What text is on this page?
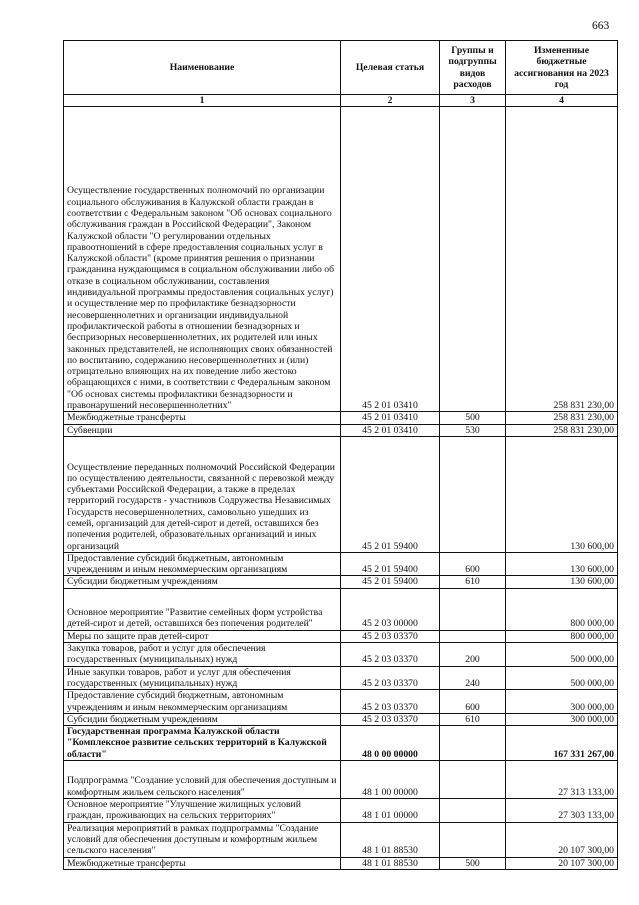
663
Наименование	Целевая статья	Группы и подгруппы видов расходов	Измененные бюджетные ассигнования на 2023 год
1	2	3	4
Осуществление государственных полномочий по организации социального обслуживания в Калужской области граждан в соответствии с Федеральным законом "Об основах социального обслуживания граждан в Российской Федерации", Законом Калужской области "О регулировании отдельных правоотношений в сфере предоставления социальных услуг в Калужской области" (кроме принятия решения о признании гражданина нуждающимся в социальном обслуживании либо об отказе в социальном обслуживании, составления индивидуальной программы предоставления социальных услуг) и осуществление мер по профилактике безнадзорности несовершеннолетних и организации индивидуальной профилактической работы в отношении безнадзорных и беспризорных несовершеннолетних, их родителей или иных законных представителей, не исполняющих своих обязанностей по воспитанию, содержанию несовершеннолетних и (или) отрицательно влияющих на их поведение либо жестоко обращающихся с ними, в соответствии с Федеральным законом "Об основах системы профилактики безнадзорности и правонарушений несовершеннолетних"	45 2 01 03410		258 831 230,00
Межбюджетные трансферты	45 2 01 03410	500	258 831 230,00
Субвенции	45 2 01 03410	530	258 831 230,00
Осуществление переданных полномочий Российской Федерации по осуществлению деятельности, связанной с перевозкой между субъектами Российской Федерации, а также в пределах территорий государств - участников Содружества Независимых Государств несовершеннолетних, самовольно ушедших из семей, организаций для детей-сирот и детей, оставшихся без попечения родителей, образовательных организаций и иных организаций	45 2 01 59400		130 600,00
Предоставление субсидий бюджетным, автономным учреждениям и иным некоммерческим организациям	45 2 01 59400	600	130 600,00
Субсидии бюджетным учреждениям	45 2 01 59400	610	130 600,00
Основное мероприятие "Развитие семейных форм устройства детей-сирот и детей, оставшихся без попечения родителей"	45 2 03 00000		800 000,00
Меры по защите прав детей-сирот	45 2 03 03370		800 000,00
Закупка товаров, работ и услуг для обеспечения государственных (муниципальных) нужд	45 2 03 03370	200	500 000,00
Иные закупки товаров, работ и услуг для обеспечения государственных (муниципальных) нужд	45 2 03 03370	240	500 000,00
Предоставление субсидий бюджетным, автономным учреждениям и иным некоммерческим организациям	45 2 03 03370	600	300 000,00
Субсидии бюджетным учреждениям	45 2 03 03370	610	300 000,00
Государственная программа Калужской области "Комплексное развитие сельских территорий в Калужской области"	48 0 00 00000		167 331 267,00
Подпрограмма "Создание условий для обеспечения доступным и комфортным жильем сельского населения"	48 1 00 00000		27 313 133,00
Основное мероприятие "Улучшение жилищных условий граждан, проживающих на сельских территориях"	48 1 01 00000		27 303 133,00
Реализация мероприятий в рамках подпрограммы "Создание условий для обеспечения доступным и комфортным жильем сельского населения"	48 1 01 88530		20 107 300,00
Межбюджетные трансферты	48 1 01 88530	500	20 107 300,00
